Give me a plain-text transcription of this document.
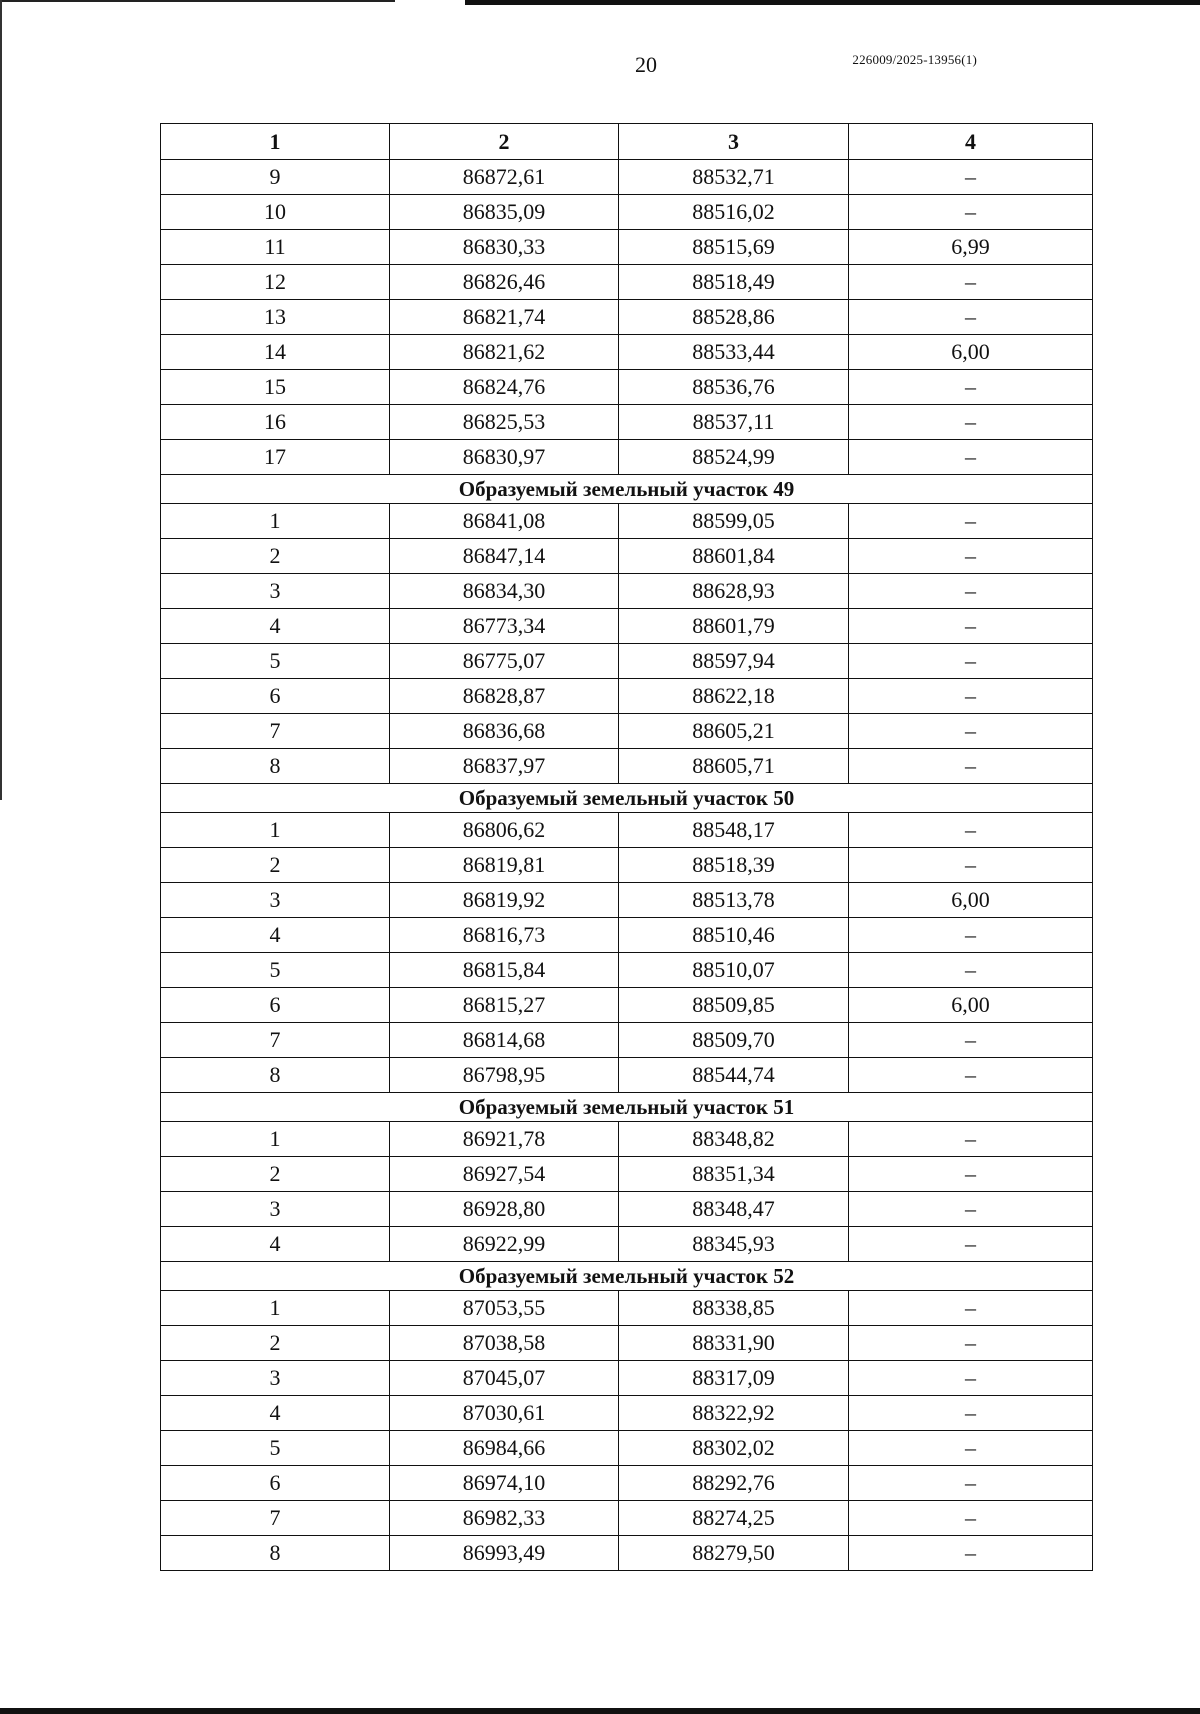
20	226009/2025-13956(1)
1	2	3	4
9	86872,61	88532,71	–
10	86835,09	88516,02	–
11	86830,33	88515,69	6,99
12	86826,46	88518,49	–
13	86821,74	88528,86	–
14	86821,62	88533,44	6,00
15	86824,76	88536,76	–
16	86825,53	88537,11	–
17	86830,97	88524,99	–
Образуемый земельный участок 49			
1	86841,08	88599,05	–
2	86847,14	88601,84	–
3	86834,30	88628,93	–
4	86773,34	88601,79	–
5	86775,07	88597,94	–
6	86828,87	88622,18	–
7	86836,68	88605,21	–
8	86837,97	88605,71	–
Образуемый земельный участок 50			
1	86806,62	88548,17	–
2	86819,81	88518,39	–
3	86819,92	88513,78	6,00
4	86816,73	88510,46	–
5	86815,84	88510,07	–
6	86815,27	88509,85	6,00
7	86814,68	88509,70	–
8	86798,95	88544,74	–
Образуемый земельный участок 51			
1	86921,78	88348,82	–
2	86927,54	88351,34	–
3	86928,80	88348,47	–
4	86922,99	88345,93	–
Образуемый земельный участок 52			
1	87053,55	88338,85	–
2	87038,58	88331,90	–
3	87045,07	88317,09	–
4	87030,61	88322,92	–
5	86984,66	88302,02	–
6	86974,10	88292,76	–
7	86982,33	88274,25	–
8	86993,49	88279,50	–
